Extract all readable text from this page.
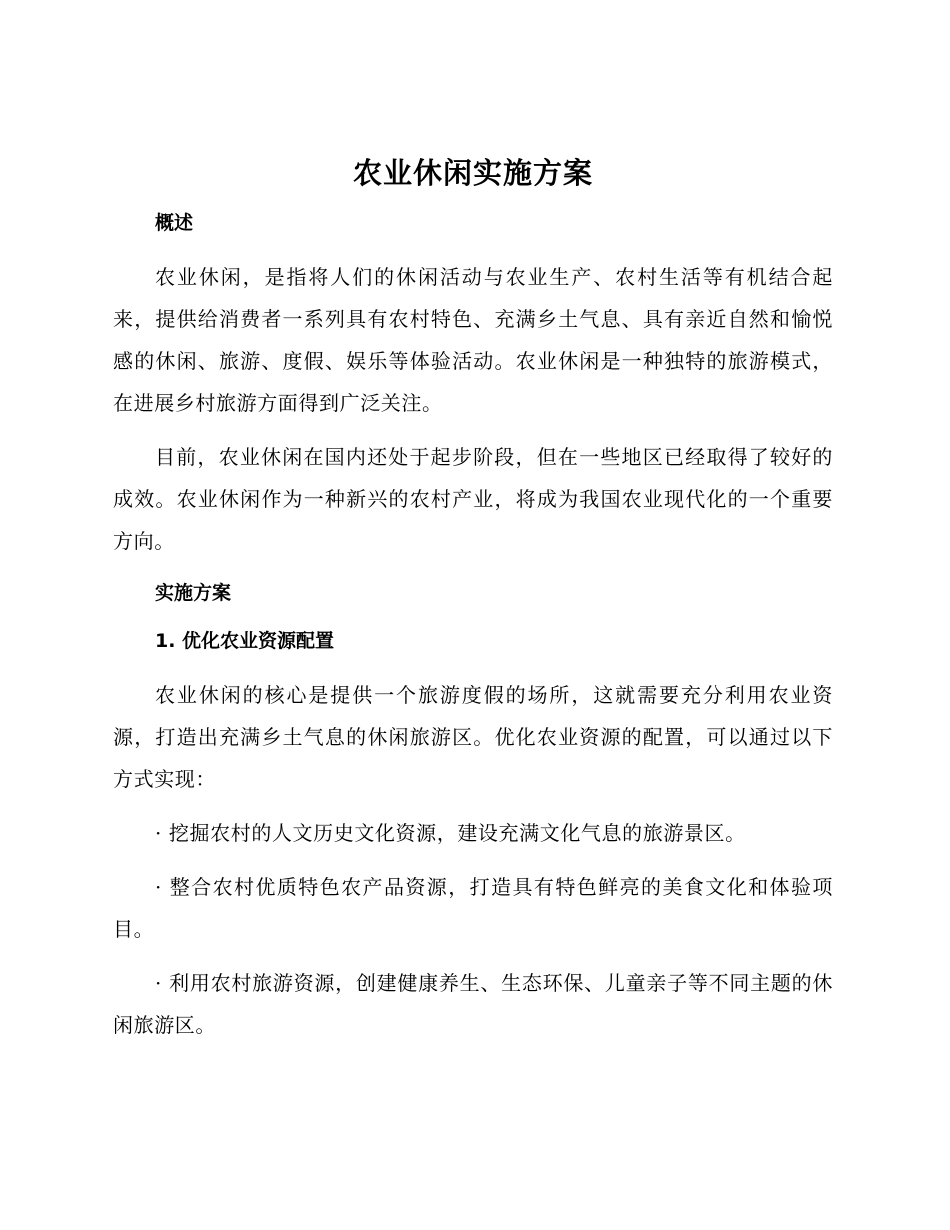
农业休闲实施方案
概述

农业休闲，是指将人们的休闲活动与农业生产、农村生活等有机结合起来，提供给消费者一系列具有农村特色、充满乡土气息、具有亲近自然和愉悦感的休闲、旅游、度假、娱乐等体验活动。农业休闲是一种独特的旅游模式，在进展乡村旅游方面得到广泛关注。

目前，农业休闲在国内还处于起步阶段，但在一些地区已经取得了较好的成效。农业休闲作为一种新兴的农村产业，将成为我国农业现代化的一个重要方向。

实施方案
1. 优化农业资源配置

农业休闲的核心是提供一个旅游度假的场所，这就需要充分利用农业资源，打造出充满乡土气息的休闲旅游区。优化农业资源的配置，可以通过以下方式实现：

· 挖掘农村的人文历史文化资源，建设充满文化气息的旅游景区。

· 整合农村优质特色农产品资源，打造具有特色鲜亮的美食文化和体验项目。

· 利用农村旅游资源，创建健康养生、生态环保、儿童亲子等不同主题的休闲旅游区。
